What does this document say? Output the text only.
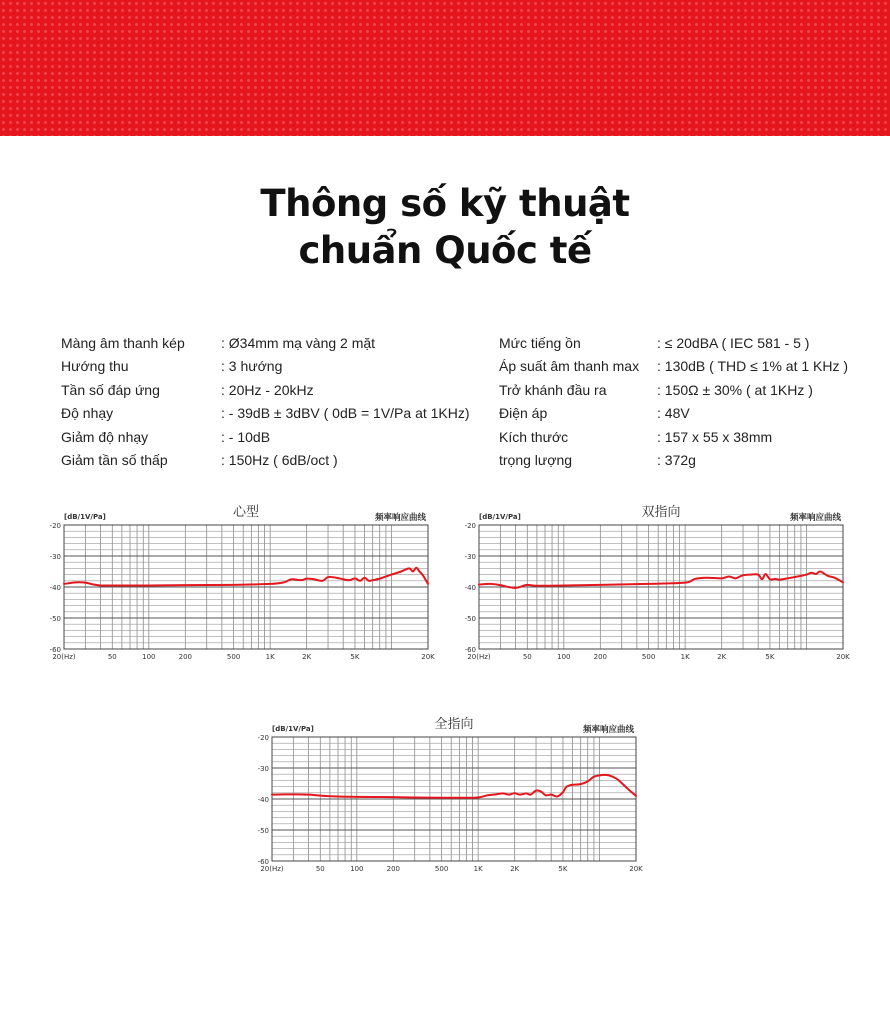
Thông số kỹ thuật
chuẩn Quốc tế
Màng âm thanh kép	: Ø34mm mạ vàng 2 mặt
Hướng thu	: 3 hướng
Tần số đáp ứng	: 20Hz - 20kHz
Độ nhạy	: - 39dB ± 3dBV ( 0dB = 1V/Pa at 1KHz)
Giảm độ nhạy	: - 10dB
Giảm tần số thấp	: 150Hz ( 6dB/oct )
Mức tiếng ồn	: ≤ 20dBA ( IEC 581 - 5 )
Áp suất âm thanh max	: 130dB ( THD ≤ 1% at 1 KHz )
Trở khánh đầu ra	: 150Ω ± 30% ( at 1KHz )
Điện áp	: 48V
Kích thước	: 157 x 55 x 38mm
trọng lượng	: 372g
-20
-30
-40
-50
-60
20(Hz)	50	100	200	500	1K	2K	5K	20K
[dB/1V/Pa]	心型	频率响应曲线
-20
-30
-40
-50
-60
20(Hz)	50	100	200	500	1K	2K	5K	20K
[dB/1V/Pa]	双指向	频率响应曲线
-20
-30
-40
-50
-60
20(Hz)	50	100	200	500	1K	2K	5K	20K
[dB/1V/Pa]	全指向	频率响应曲线
